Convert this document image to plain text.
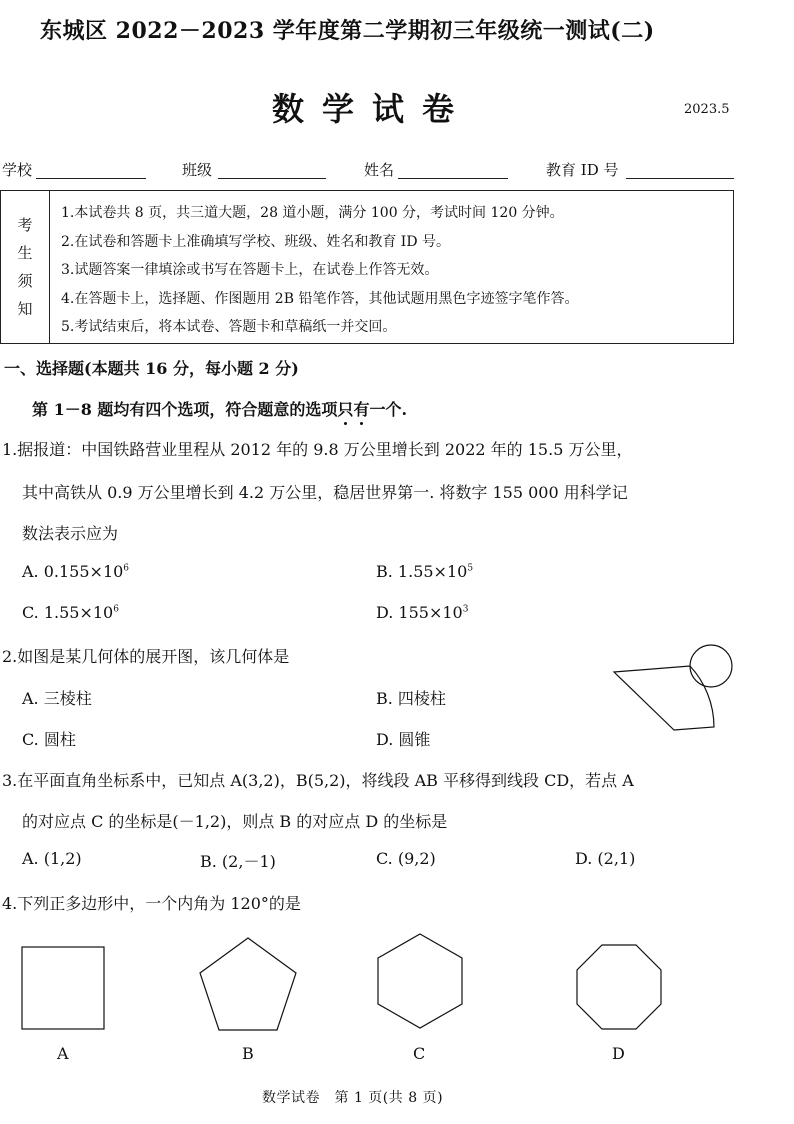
东城区 2022－2023 学年度第二学期初三年级统一测试(二)
数学试卷	2023.5
学校	班级	姓名	教育 ID 号
考
生
须
知
1.本试卷共 8 页，共三道大题，28 道小题，满分 100 分，考试时间 120 分钟。
2.在试卷和答题卡上准确填写学校、班级、姓名和教育 ID 号。
3.试题答案一律填涂或书写在答题卡上，在试卷上作答无效。
4.在答题卡上，选择题、作图题用 2B 铅笔作答，其他试题用黑色字迹签字笔作答。
5.考试结束后，将本试卷、答题卡和草稿纸一并交回。
一、选择题(本题共 16 分，每小题 2 分)
第 1－8 题均有四个选项，符合题意的选项只有一个.
1.据报道：中国铁路营业里程从 2012 年的 9.8 万公里增长到 2022 年的 15.5 万公里，
其中高铁从 0.9 万公里增长到 4.2 万公里，稳居世界第一. 将数字 155 000 用科学记
数法表示应为
A. $0.155\times 10^6$	B. $1.55\times 10^5$
C. $1.55\times 10^6$	D. $155\times 10^3$
2.如图是某几何体的展开图，该几何体是
A. 三棱柱	B. 四棱柱
C. 圆柱	D. 圆锥
3.在平面直角坐标系中，已知点 A(3,2)，B(5,2)，将线段 AB 平移得到线段 CD，若点 A
的对应点 C 的坐标是(－1,2)，则点 B 的对应点 D 的坐标是
A. (1,2)	B. (2,－1)	C. (9,2)	D. (2,1)
4.下列正多边形中，一个内角为 120°的是
A	B	C	D
数学试卷　第 1 页(共 8 页)
